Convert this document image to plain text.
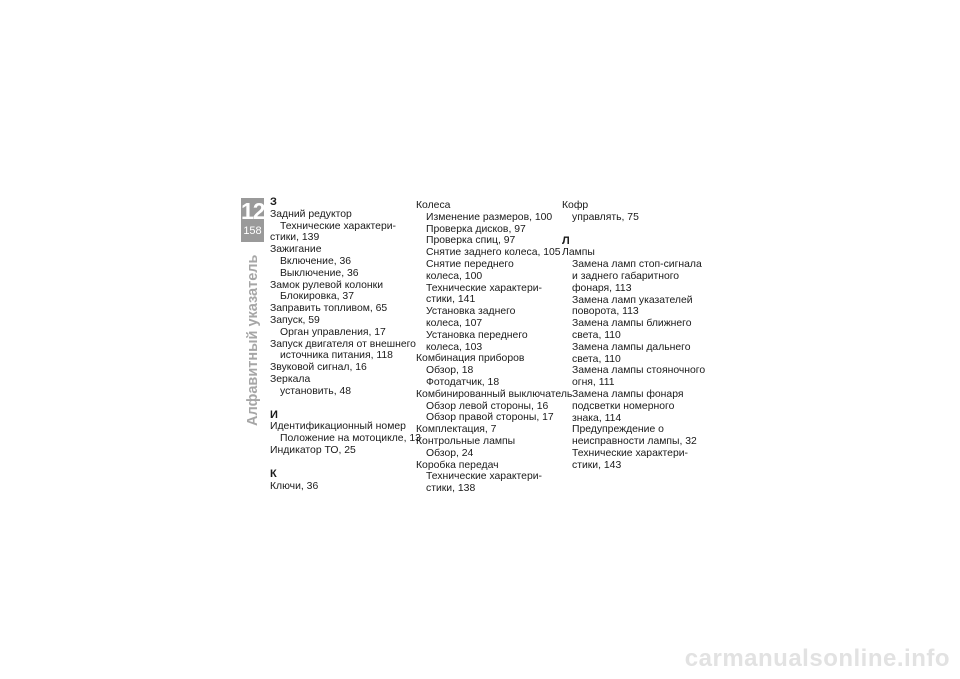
12
158
Алфавитный указатель
З
Задний редуктор
Технические характери-
стики, 139
Зажигание
Включение, 36
Выключение, 36
Замок рулевой колонки
Блокировка, 37
Заправить топливом, 65
Запуск, 59
Орган управления, 17
Запуск двигателя от внешнего
источника питания, 118
Звуковой сигнал, 16
Зеркала
установить, 48
И
Идентификационный номер
Положение на мотоцикле, 13
Индикатор ТО, 25
К
Ключи, 36
Колеса
Изменение размеров, 100
Проверка дисков, 97
Проверка спиц, 97
Снятие заднего колеса, 105
Снятие переднего
колеса, 100
Технические характери-
стики, 141
Установка заднего
колеса, 107
Установка переднего
колеса, 103
Комбинация приборов
Обзор, 18
Фотодатчик, 18
Комбинированный выключатель
Обзор левой стороны, 16
Обзор правой стороны, 17
Комплектация, 7
Контрольные лампы
Обзор, 24
Коробка передач
Технические характери-
стики, 138
Кофр
управлять, 75
Л
Лампы
Замена ламп стоп-сигнала
и заднего габаритного
фонаря, 113
Замена ламп указателей
поворота, 113
Замена лампы ближнего
света, 110
Замена лампы дальнего
света, 110
Замена лампы стояночного
огня, 111
Замена лампы фонаря
подсветки номерного
знака, 114
Предупреждение о
неисправности лампы, 32
Технические характери-
стики, 143
carmanualsonline.info
